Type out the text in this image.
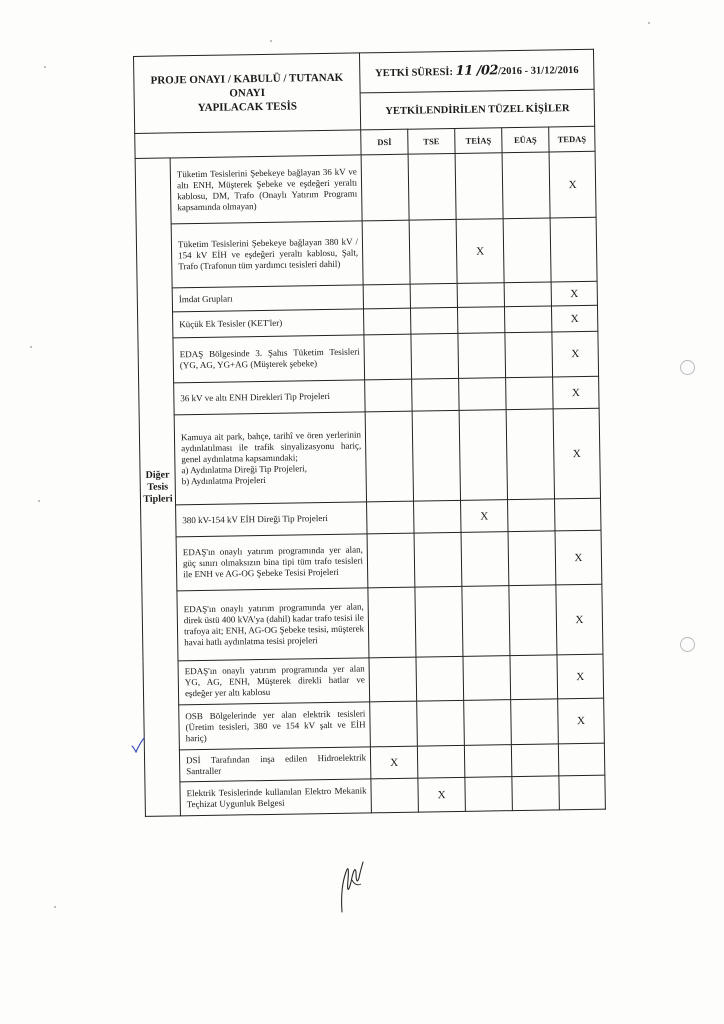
PROJE ONAYI / KABULÜ / TUTANAK ONAYI
YAPILACAK TESİS		YETKİ SÜRESİ: 11 /02/2016 - 31/12/2016				
		YETKİLENDİRİLEN TÜZEL KİŞİLER				
		DSİ	TSE	TEİAŞ	EÜAŞ	TEDAŞ

Diğer
Tesis
Tipleri	Tüketim Tesislerini Şebekeye bağlayan 36 kV ve altı ENH, Müşterek Şebeke ve eşdeğeri yeraltı kablosu, DM, Trafo (Onaylı Yatırım Programı kapsamında olmayan)					X
	Tüketim Tesislerini Şebekeye bağlayan 380 kV / 154 kV EİH ve eşdeğeri yeraltı kablosu, Şalt, Trafo (Trafonun tüm yardımcı tesisleri dahil)			X		
	İmdat Grupları					X
	Küçük Ek Tesisler (KET'ler)					X
	EDAŞ Bölgesinde 3. Şahıs Tüketim Tesisleri (YG, AG, YG+AG (Müşterek şebeke)					X
	36 kV ve altı ENH Direkleri Tip Projeleri					X
	Kamuya ait park, bahçe, tarihî ve ören yerlerinin aydınlatılması ile trafik sinyalizasyonu hariç, genel aydınlatma kapsamındaki;
a) Aydınlatma Direği Tip Projeleri,
b) Aydınlatma Projeleri					X
	380 kV-154 kV EİH Direği Tip Projeleri			X		
	EDAŞ'ın onaylı yatırım programında yer alan, güç sınırı olmaksızın bina tipi tüm trafo tesisleri ile ENH ve AG-OG Şebeke Tesisi Projeleri					X
	EDAŞ'ın onaylı yatırım programında yer alan, direk üstü 400 kVA'ya (dahil) kadar trafo tesisi ile trafoya ait; ENH, AG-OG Şebeke tesisi, müşterek havai hatlı aydınlatma tesisi projeleri					X
	EDAŞ'ın onaylı yatırım programında yer alan YG, AG, ENH, Müşterek direkli hatlar ve eşdeğer yer altı kablosu					X
	OSB Bölgelerinde yer alan elektrik tesisleri (Üretim tesisleri, 380 ve 154 kV şalt ve EİH hariç)					X
	DSİ Tarafından inşa edilen Hidroelektrik Santraller	X				
	Elektrik Tesislerinde kullanılan Elektro Mekanik Teçhizat Uygunluk Belgesi		X			
